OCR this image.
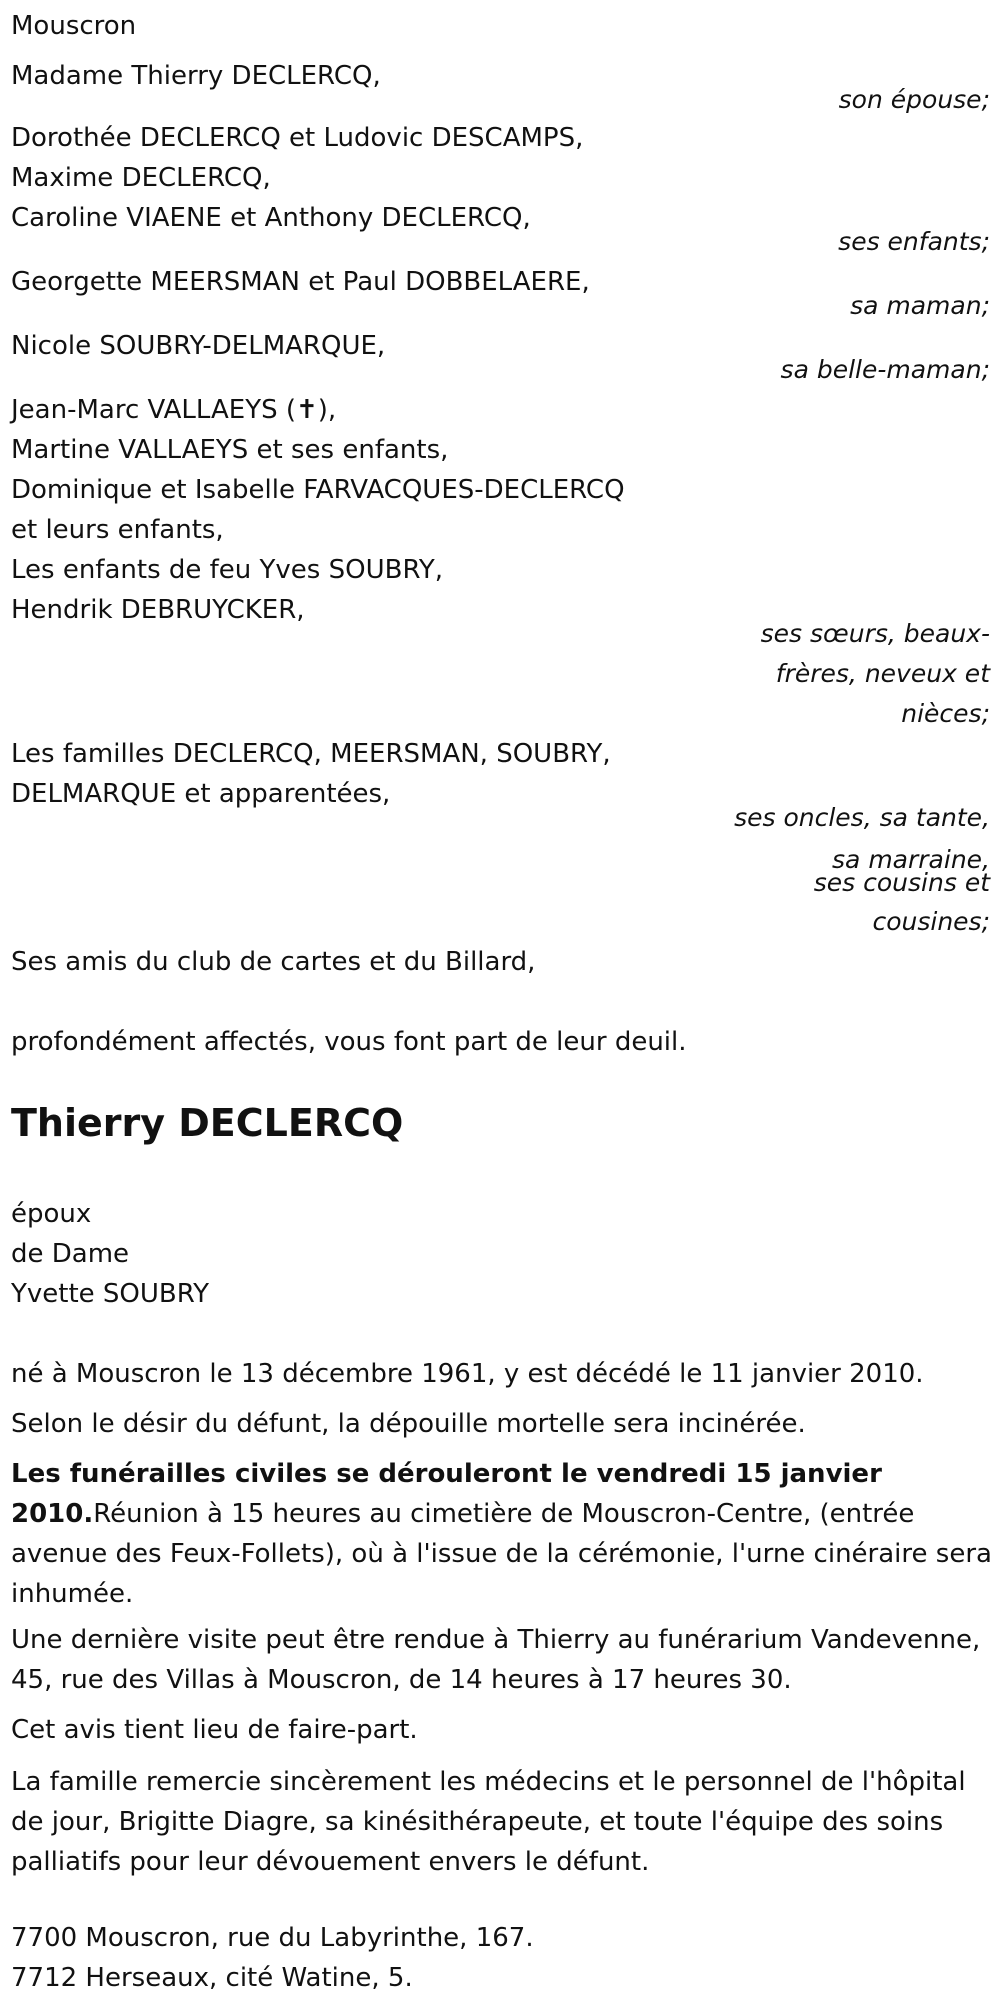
Mouscron
Madame Thierry DECLERCQ,
son épouse;
Dorothée DECLERCQ et Ludovic DESCAMPS,
Maxime DECLERCQ,
Caroline VIAENE et Anthony DECLERCQ,
ses enfants;
Georgette MEERSMAN et Paul DOBBELAERE,
sa maman;
Nicole SOUBRY-DELMARQUE,
sa belle-maman;
Jean-Marc VALLAEYS (✝),
Martine VALLAEYS et ses enfants,
Dominique et Isabelle FARVACQUES-DECLERCQ
et leurs enfants,
Les enfants de feu Yves SOUBRY,
Hendrik DEBRUYCKER,
ses sœurs, beaux-
frères, neveux et
nièces;
Les familles DECLERCQ, MEERSMAN, SOUBRY,
DELMARQUE et apparentées,
ses oncles, sa tante,
sa marraine,
ses cousins et
cousines;
Ses amis du club de cartes et du Billard,
profondément affectés, vous font part de leur deuil.
Thierry DECLERCQ
époux
de Dame
Yvette SOUBRY
né à Mouscron le 13 décembre 1961, y est décédé le 11 janvier 2010.
Selon le désir du défunt, la dépouille mortelle sera incinérée.
Les funérailles civiles se dérouleront le vendredi 15 janvier 2010.Réunion à 15 heures au cimetière de Mouscron-Centre, (entrée avenue des Feux-Follets), où à l'issue de la cérémonie, l'urne cinéraire sera inhumée.
Une dernière visite peut être rendue à Thierry au funérarium Vandevenne, 45, rue des Villas à Mouscron, de 14 heures à 17 heures 30.
Cet avis tient lieu de faire-part.
La famille remercie sincèrement les médecins et le personnel de l'hôpital de jour, Brigitte Diagre, sa kinésithérapeute, et toute l'équipe des soins palliatifs pour leur dévouement envers le défunt.
7700 Mouscron, rue du Labyrinthe, 167.
7712 Herseaux, cité Watine, 5.
